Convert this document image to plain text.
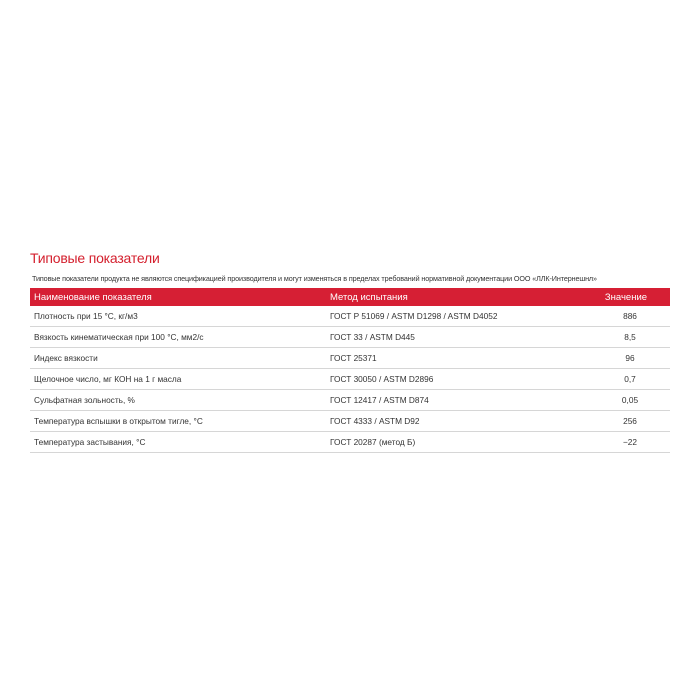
Типовые показатели
Типовые показатели продукта не являются спецификацией производителя и могут изменяться в пределах требований нормативной документации ООО «ЛЛК-Интернешнл»
Наименование показателя	Метод испытания	Значение
Плотность при 15 °С, кг/м3	ГОСТ Р 51069 / ASTM D1298 / ASTM D4052	886
Вязкость кинематическая при 100 °С, мм2/с	ГОСТ 33 / ASTM D445	8,5
Индекс вязкости	ГОСТ 25371	96
Щелочное число, мг КОН на 1 г масла	ГОСТ 30050 / ASTM D2896	0,7
Сульфатная зольность, %	ГОСТ 12417 / ASTM D874	0,05
Температура вспышки в открытом тигле, °С	ГОСТ 4333 / ASTM D92	256
Температура застывания, °С	ГОСТ 20287 (метод Б)	−22
